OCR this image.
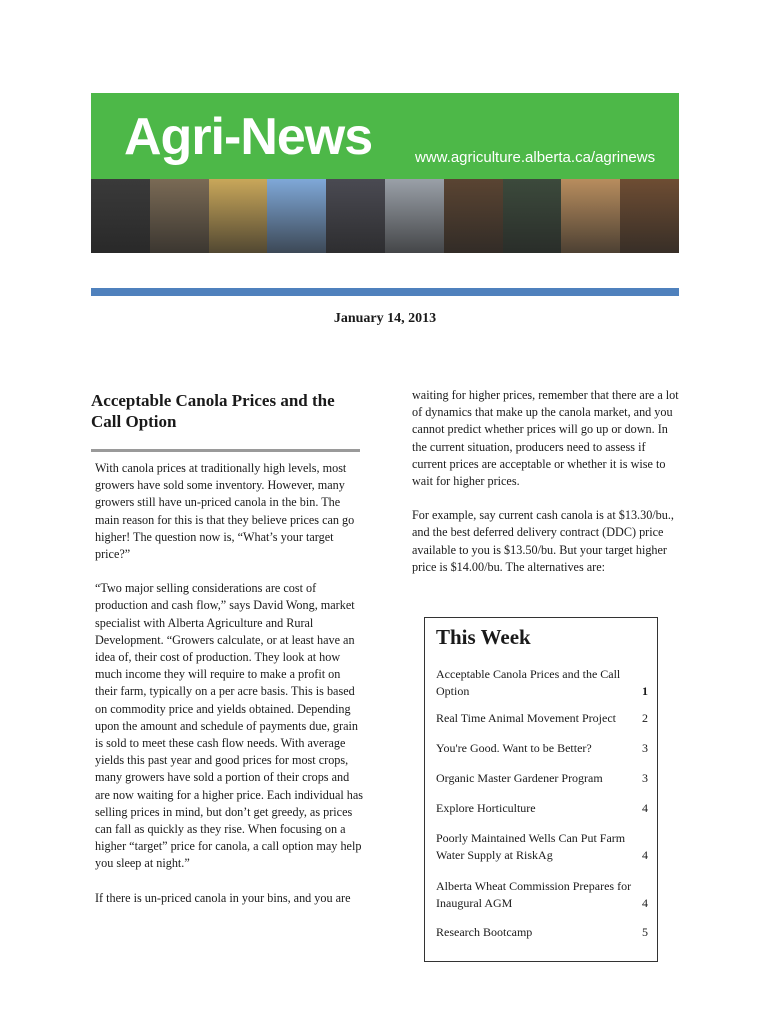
Agri-News	www.agriculture.alberta.ca/agrinews
January 14, 2013
Acceptable Canola Prices and the Call Option

With canola prices at traditionally high levels, most growers have sold some inventory. However, many growers still have un-priced canola in the bin. The main reason for this is that they believe prices can go higher! The question now is, “What’s your target price?”

“Two major selling considerations are cost of production and cash flow,” says David Wong, market specialist with Alberta Agriculture and Rural Development. “Growers calculate, or at least have an idea of, their cost of production. They look at how much income they will require to make a profit on their farm, typically on a per acre basis. This is based on commodity price and yields obtained. Depending upon the amount and schedule of payments due, grain is sold to meet these cash flow needs. With average yields this past year and good prices for most crops, many growers have sold a portion of their crops and are now waiting for a higher price. Each individual has selling prices in mind, but don’t get greedy, as prices can fall as quickly as they rise. When focusing on a higher “target” price for canola, a call option may help you sleep at night.”

If there is un-priced canola in your bins, and you are

waiting for higher prices, remember that there are a lot of dynamics that make up the canola market, and you cannot predict whether prices will go up or down. In the current situation, producers need to assess if current prices are acceptable or whether it is wise to wait for higher prices.

For example, say current cash canola is at $13.30/bu., and the best deferred delivery contract (DDC) price available to you is $13.50/bu. But your target higher price is $14.00/bu. The alternatives are:

This Week
Acceptable Canola Prices and the Call Option	1
Real Time Animal Movement Project 2
You're Good. Want to be Better?	3
Organic Master Gardener Program	3
Explore Horticulture	4
Poorly Maintained Wells Can Put Farm Water Supply at RiskAg	4
Alberta Wheat Commission Prepares for Inaugural AGM	4
Research Bootcamp	5
